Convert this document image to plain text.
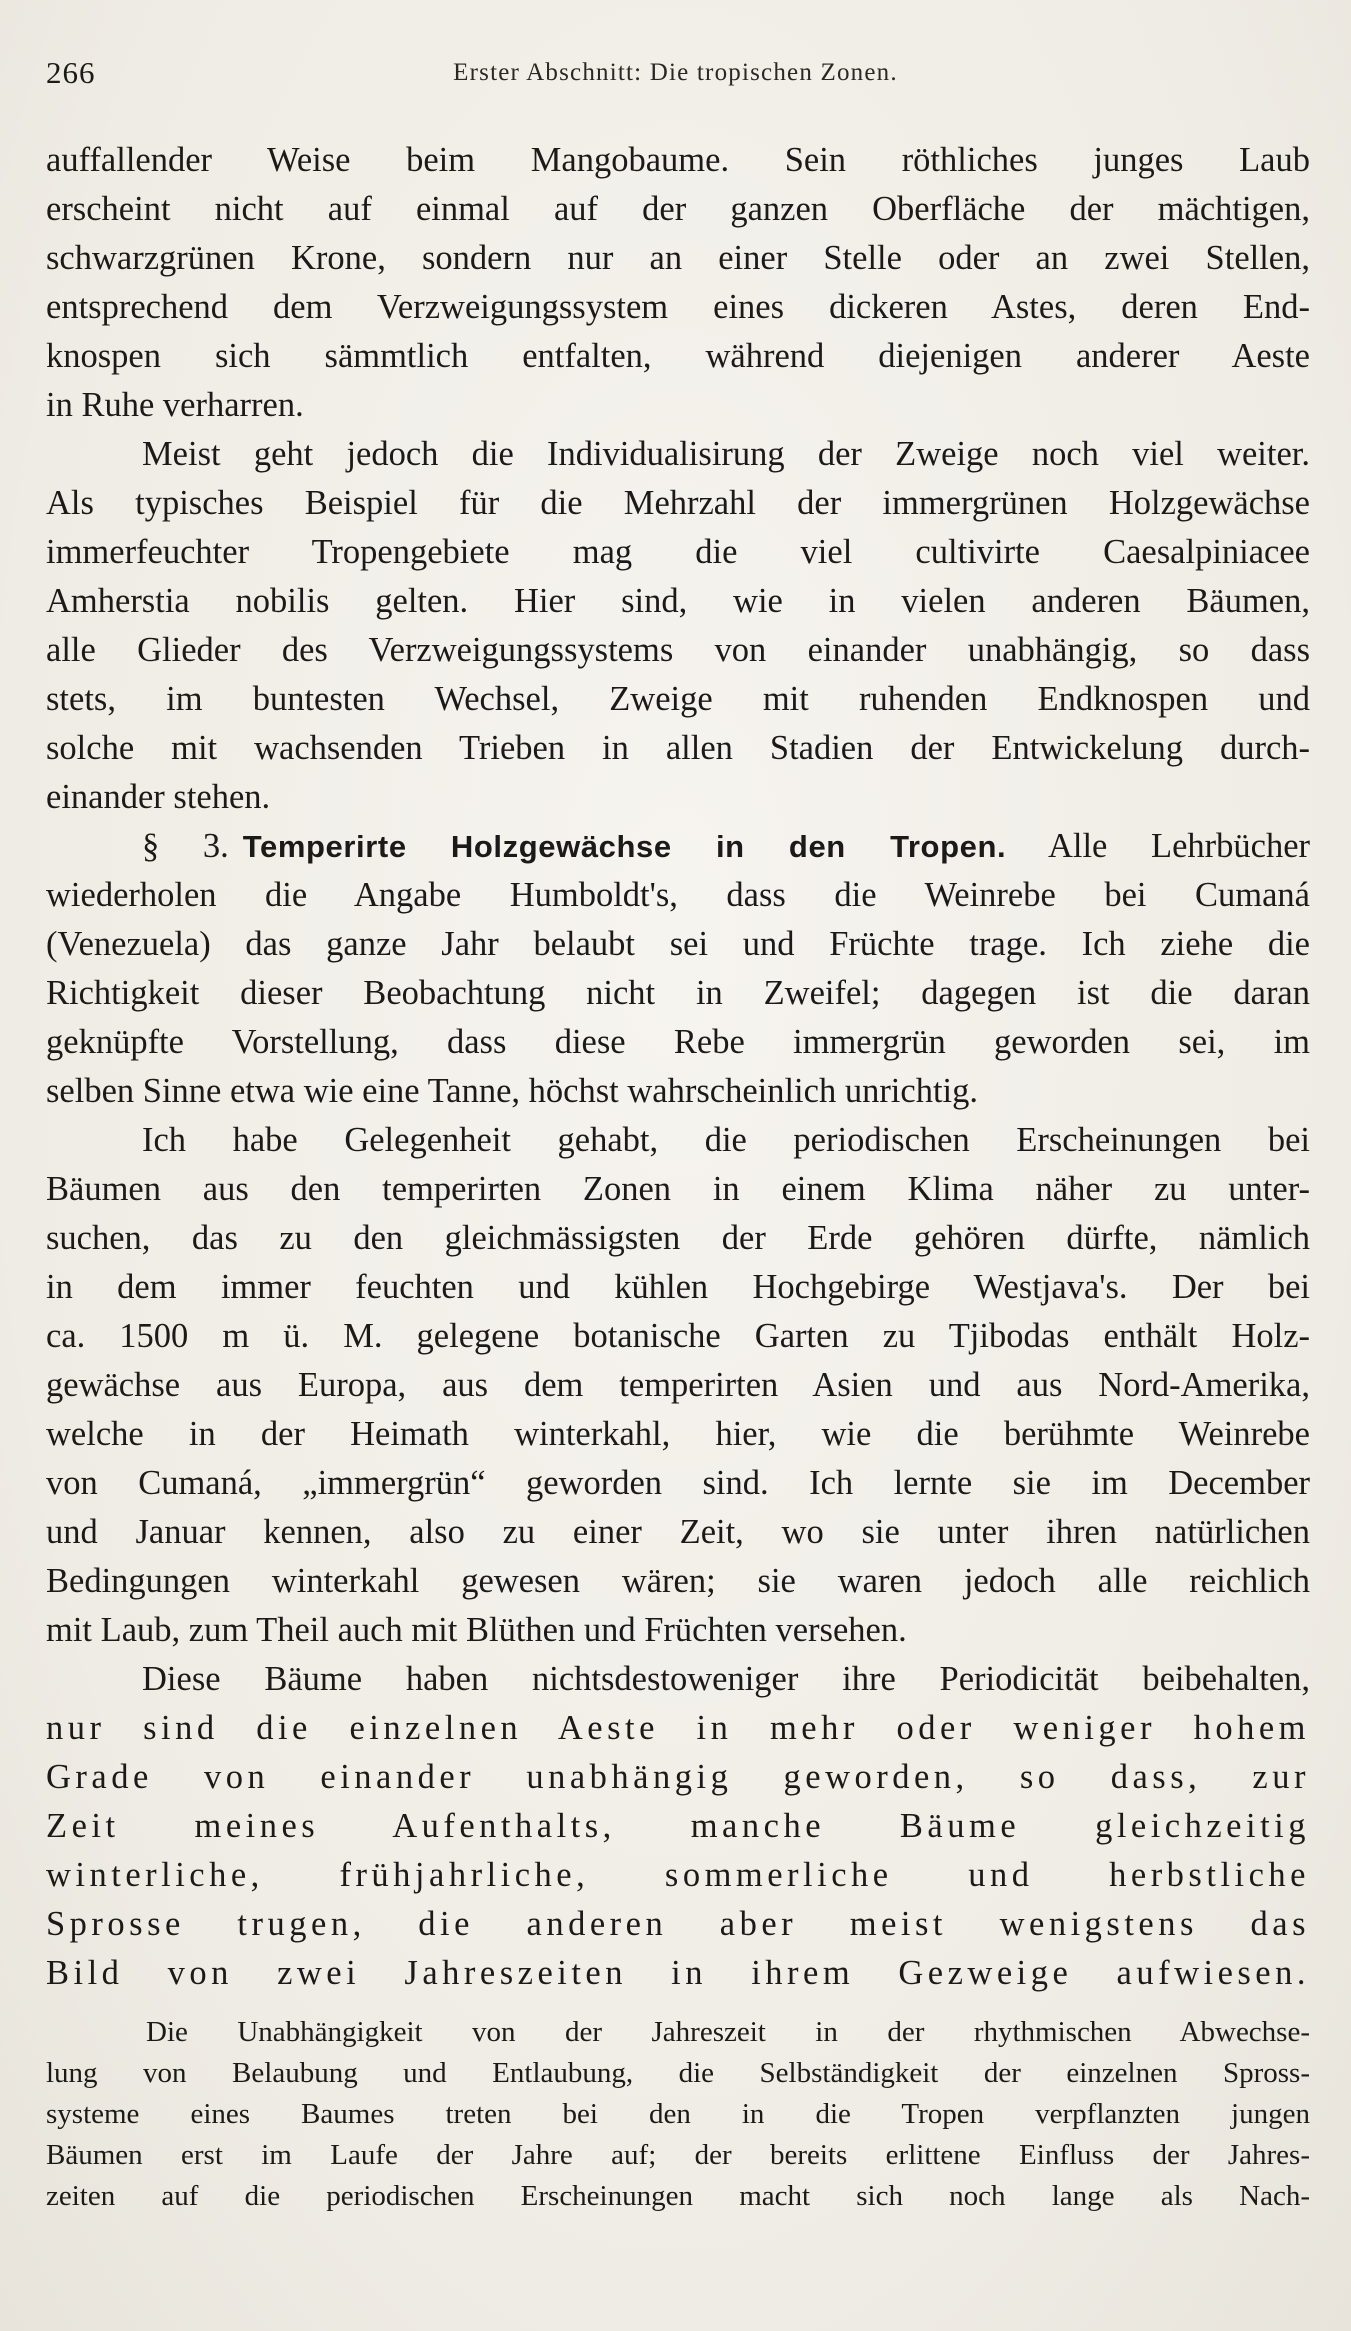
266	Erster Abschnitt: Die tropischen Zonen.
auffallender Weise beim Mangobaume. Sein röthliches junges Laub
erscheint nicht auf einmal auf der ganzen Oberfläche der mächtigen,
schwarzgrünen Krone, sondern nur an einer Stelle oder an zwei Stellen,
entsprechend dem Verzweigungssystem eines dickeren Astes, deren End-
knospen sich sämmtlich entfalten, während diejenigen anderer Aeste
in Ruhe verharren.
Meist geht jedoch die Individualisirung der Zweige noch viel weiter.
Als typisches Beispiel für die Mehrzahl der immergrünen Holzgewächse
immerfeuchter Tropengebiete mag die viel cultivirte Caesalpiniacee
Amherstia nobilis gelten. Hier sind, wie in vielen anderen Bäumen,
alle Glieder des Verzweigungssystems von einander unabhängig, so dass
stets, im buntesten Wechsel, Zweige mit ruhenden Endknospen und
solche mit wachsenden Trieben in allen Stadien der Entwickelung durch-
einander stehen.
§ 3. Temperirte Holzgewächse in den Tropen. Alle Lehrbücher
wiederholen die Angabe Humboldt's, dass die Weinrebe bei Cumaná
(Venezuela) das ganze Jahr belaubt sei und Früchte trage. Ich ziehe die
Richtigkeit dieser Beobachtung nicht in Zweifel; dagegen ist die daran
geknüpfte Vorstellung, dass diese Rebe immergrün geworden sei, im
selben Sinne etwa wie eine Tanne, höchst wahrscheinlich unrichtig.
Ich habe Gelegenheit gehabt, die periodischen Erscheinungen bei
Bäumen aus den temperirten Zonen in einem Klima näher zu unter-
suchen, das zu den gleichmässigsten der Erde gehören dürfte, nämlich
in dem immer feuchten und kühlen Hochgebirge Westjava's. Der bei
ca. 1500 m ü. M. gelegene botanische Garten zu Tjibodas enthält Holz-
gewächse aus Europa, aus dem temperirten Asien und aus Nord-Amerika,
welche in der Heimath winterkahl, hier, wie die berühmte Weinrebe
von Cumaná, „immergrün“ geworden sind. Ich lernte sie im December
und Januar kennen, also zu einer Zeit, wo sie unter ihren natürlichen
Bedingungen winterkahl gewesen wären; sie waren jedoch alle reichlich
mit Laub, zum Theil auch mit Blüthen und Früchten versehen.
Diese Bäume haben nichtsdestoweniger ihre Periodicität beibehalten,
nur sind die einzelnen Aeste in mehr oder weniger hohem
Grade von einander unabhängig geworden, so dass, zur
Zeit meines Aufenthalts, manche Bäume gleichzeitig
winterliche, frühjahrliche, sommerliche und herbstliche
Sprosse trugen, die anderen aber meist wenigstens das
Bild von zwei Jahreszeiten in ihrem Gezweige aufwiesen.
Die Unabhängigkeit von der Jahreszeit in der rhythmischen Abwechse-
lung von Belaubung und Entlaubung, die Selbständigkeit der einzelnen Spross-
systeme eines Baumes treten bei den in die Tropen verpflanzten jungen
Bäumen erst im Laufe der Jahre auf; der bereits erlittene Einfluss der Jahres-
zeiten auf die periodischen Erscheinungen macht sich noch lange als Nach-
